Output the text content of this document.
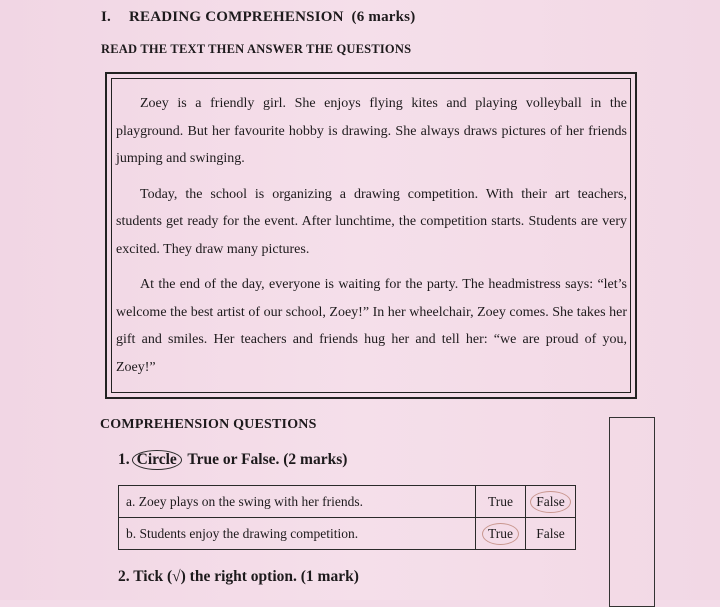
I. READING COMPREHENSION (6 marks)
READ THE TEXT THEN ANSWER THE QUESTIONS

Zoey is a friendly girl. She enjoys flying kites and playing volleyball in the playground. But her favourite hobby is drawing. She always draws pictures of her friends jumping and swinging.

Today, the school is organizing a drawing competition. With their art teachers, students get ready for the event. After lunchtime, the competition starts. Students are very excited. They draw many pictures.

At the end of the day, everyone is waiting for the party. The headmistress says: “let’s welcome the best artist of our school, Zoey!” In her wheelchair, Zoey comes. She takes her gift and smiles. Her teachers and friends hug her and tell her: “we are proud of you, Zoey!”

COMPREHENSION QUESTIONS
1. Circle True or False. (2 marks)
a. Zoey plays on the swing with her friends.	True	False
b. Students enjoy the drawing competition.	True	False
2. Tick (√) the right option. (1 mark)
